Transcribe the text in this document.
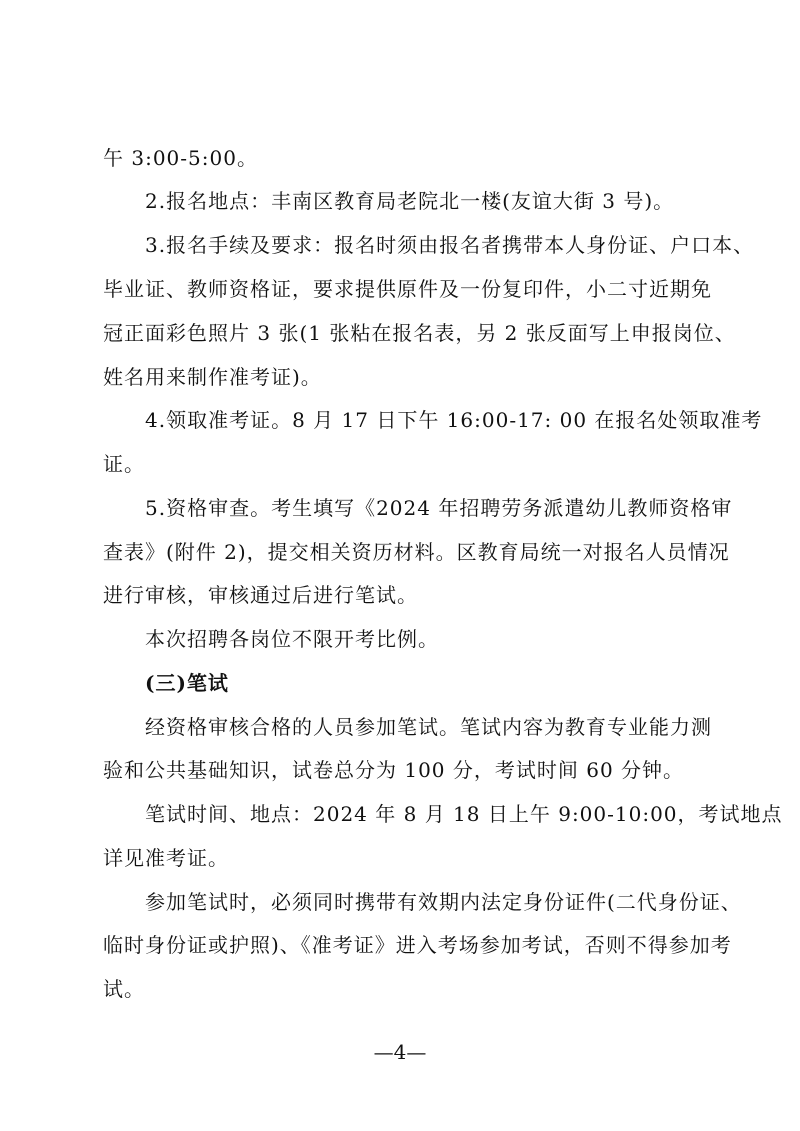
午 3:00-5:00。
2.报名地点：丰南区教育局老院北一楼(友谊大街 3 号)。
3.报名手续及要求：报名时须由报名者携带本人身份证、户口本、
毕业证、教师资格证，要求提供原件及一份复印件，小二寸近期免
冠正面彩色照片 3 张(1 张粘在报名表，另 2 张反面写上申报岗位、
姓名用来制作准考证)。
4.领取准考证。8 月 17 日下午 16:00-17: 00 在报名处领取准考
证。
5.资格审查。考生填写《2024 年招聘劳务派遣幼儿教师资格审
查表》(附件 2)，提交相关资历材料。区教育局统一对报名人员情况
进行审核，审核通过后进行笔试。
本次招聘各岗位不限开考比例。
(三)笔试
经资格审核合格的人员参加笔试。笔试内容为教育专业能力测
验和公共基础知识，试卷总分为 100 分，考试时间 60 分钟。
笔试时间、地点：2024 年 8 月 18 日上午 9:00-10:00，考试地点
详见准考证。
参加笔试时，必须同时携带有效期内法定身份证件(二代身份证、
临时身份证或护照)、《准考证》进入考场参加考试，否则不得参加考
试。
—4—
